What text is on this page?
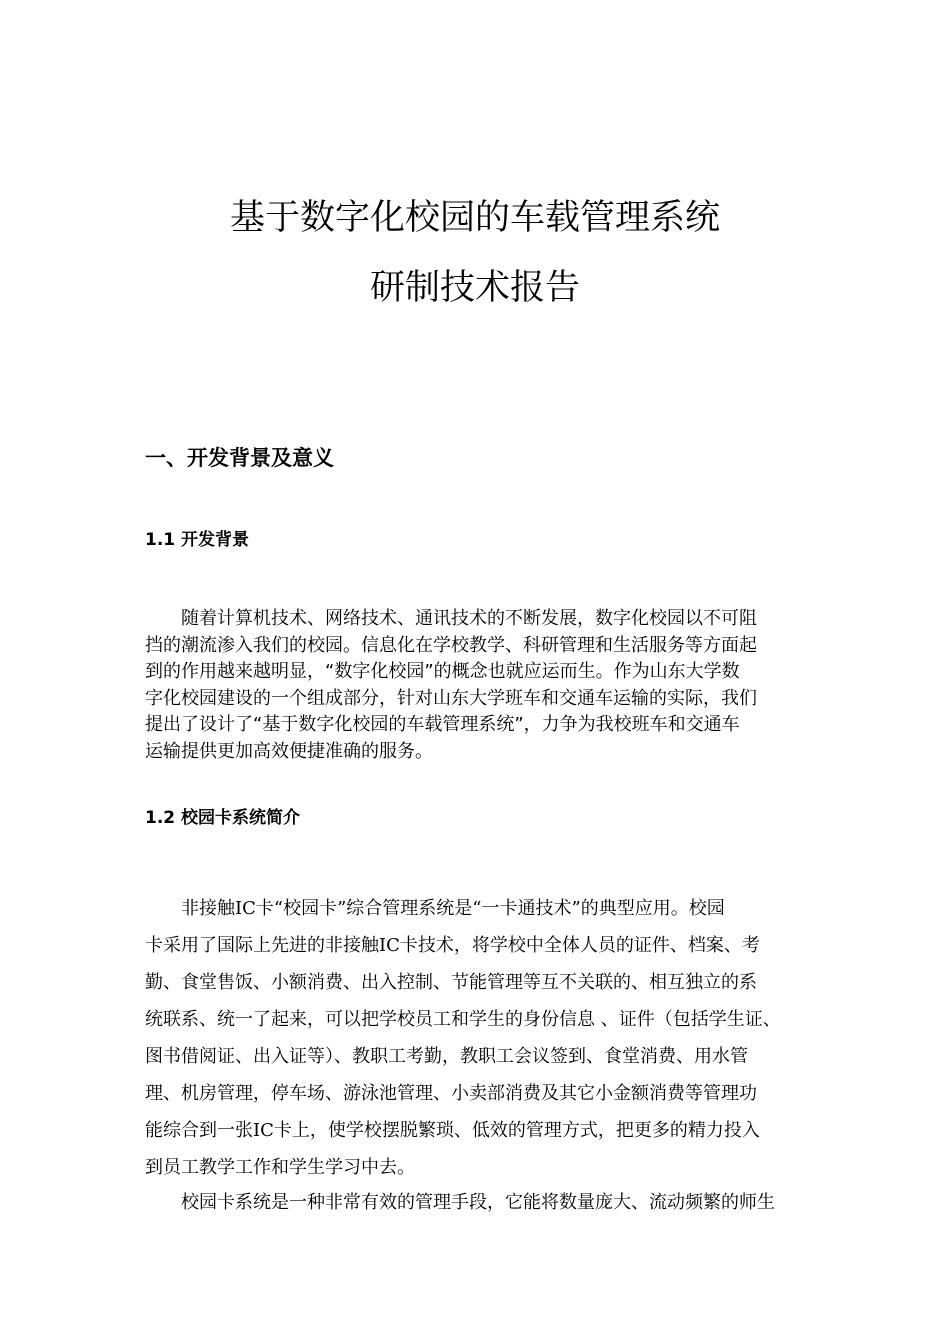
基于数字化校园的车载管理系统
研制技术报告
一、开发背景及意义
1.1 开发背景

　　随着计算机技术、网络技术、通讯技术的不断发展，数字化校园以不可阻
挡的潮流渗入我们的校园。信息化在学校教学、科研管理和生活服务等方面起
到的作用越来越明显，“数字化校园”的概念也就应运而生。作为山东大学数
字化校园建设的一个组成部分，针对山东大学班车和交通车运输的实际，我们
提出了设计了“基于数字化校园的车载管理系统”，力争为我校班车和交通车
运输提供更加高效便捷准确的服务。

1.2 校园卡系统简介

　　非接触IC卡“校园卡”综合管理系统是“一卡通技术”的典型应用。校园
卡采用了国际上先进的非接触IC卡技术，将学校中全体人员的证件、档案、考
勤、食堂售饭、小额消费、出入控制、节能管理等互不关联的、相互独立的系
统联系、统一了起来，可以把学校员工和学生的身份信息 、证件（包括学生证、
图书借阅证、出入证等）、教职工考勤，教职工会议签到、食堂消费、用水管
理、机房管理，停车场、游泳池管理、小卖部消费及其它小金额消费等管理功
能综合到一张IC卡上，使学校摆脱繁琐、低效的管理方式，把更多的精力投入
到员工教学工作和学生学习中去。

　　校园卡系统是一种非常有效的管理手段，它能将数量庞大、流动频繁的师生
